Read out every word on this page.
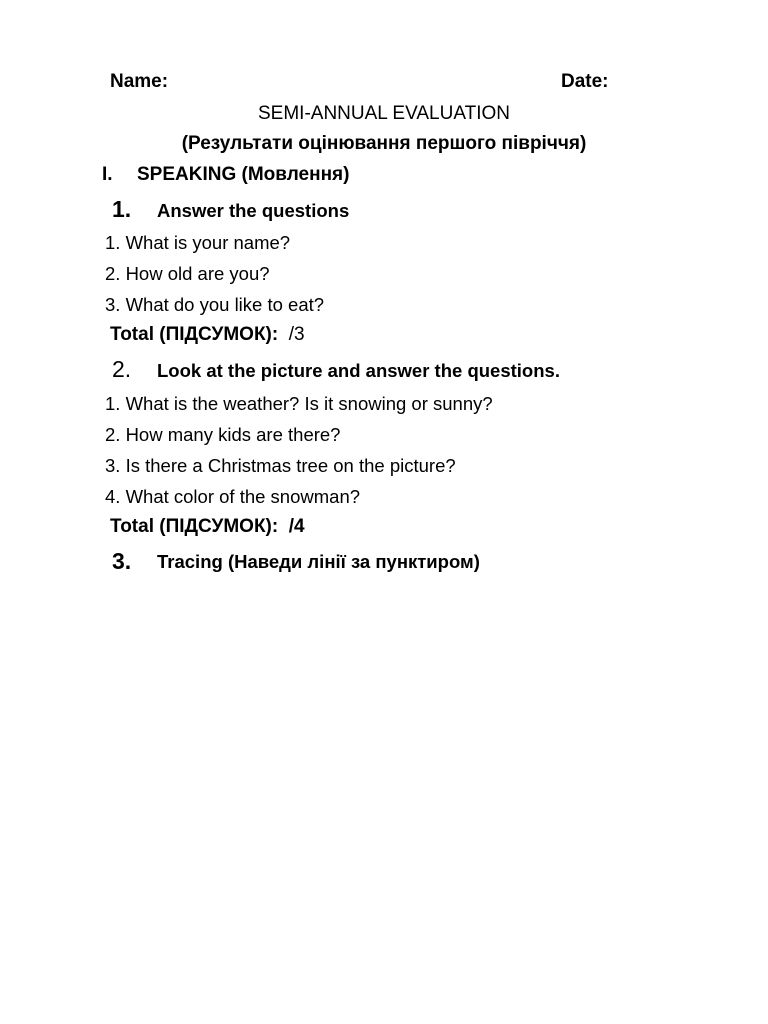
Name:	Date:
SEMI-ANNUAL EVALUATION
(Результати оцінювання першого півріччя)
I. SPEAKING (Мовлення)
1. Answer the questions
1. What is your name?
2. How old are you?
3. What do you like to eat?
Total (ПІДСУМОК): /3
2. Look at the picture and answer the questions.
1. What is the weather? Is it snowing or sunny?
2. How many kids are there?
3. Is there a Christmas tree on the picture?
4. What color of the snowman?
Total (ПІДСУМОК): /4
3. Tracing (Наведи лінії за пунктиром)
